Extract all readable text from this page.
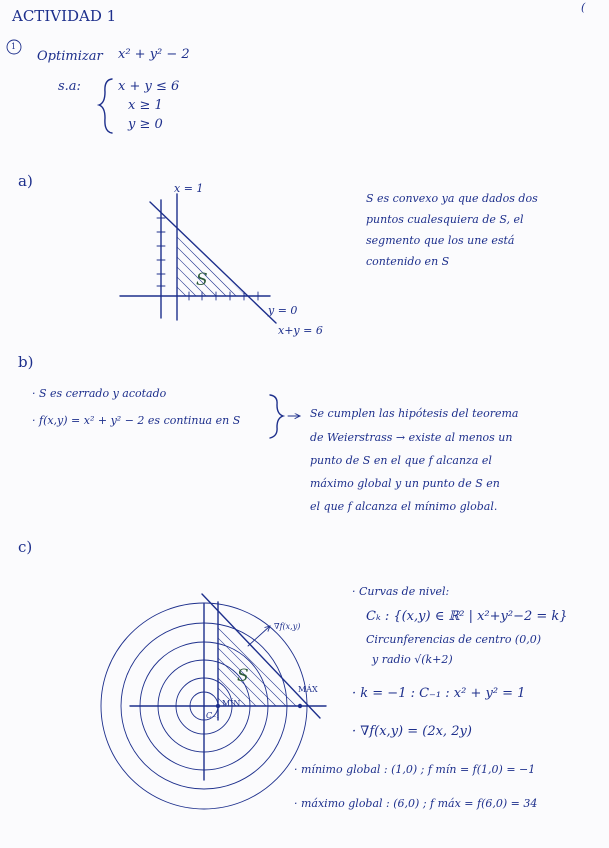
ACTIVIDAD 1	(
1
Optimizar x² + y² − 2
s.a:	x + y ≤ 6
x ≥ 1
y ≥ 0
a)	x = 1
S
y = 0
x+y = 6
S es convexo ya que dados dos
puntos cualesquiera de S, el
segmento que los une está
contenido en S
b)
· S es cerrado y acotado
· f(x,y) = x² + y² − 2 es continua en S
Se cumplen las hipótesis del teorema
de Weierstrass → existe al menos un
punto de S en el que f alcanza el
máximo global y un punto de S en
el que f alcanza el mínimo global.
c)
S
∇f(x,y)
MÁX
MÍN
C₋₁
· Curvas de nivel:
Cₖ : {(x,y) ∈ ℝ² | x²+y²−2 = k}
Circunferencias de centro (0,0)
y radio √(k+2)
· k = −1 : C₋₁ : x² + y² = 1
· ∇f(x,y) = (2x, 2y)
· mínimo global : (1,0) ; f mín = f(1,0) = −1
· máximo global : (6,0) ; f máx = f(6,0) = 34
